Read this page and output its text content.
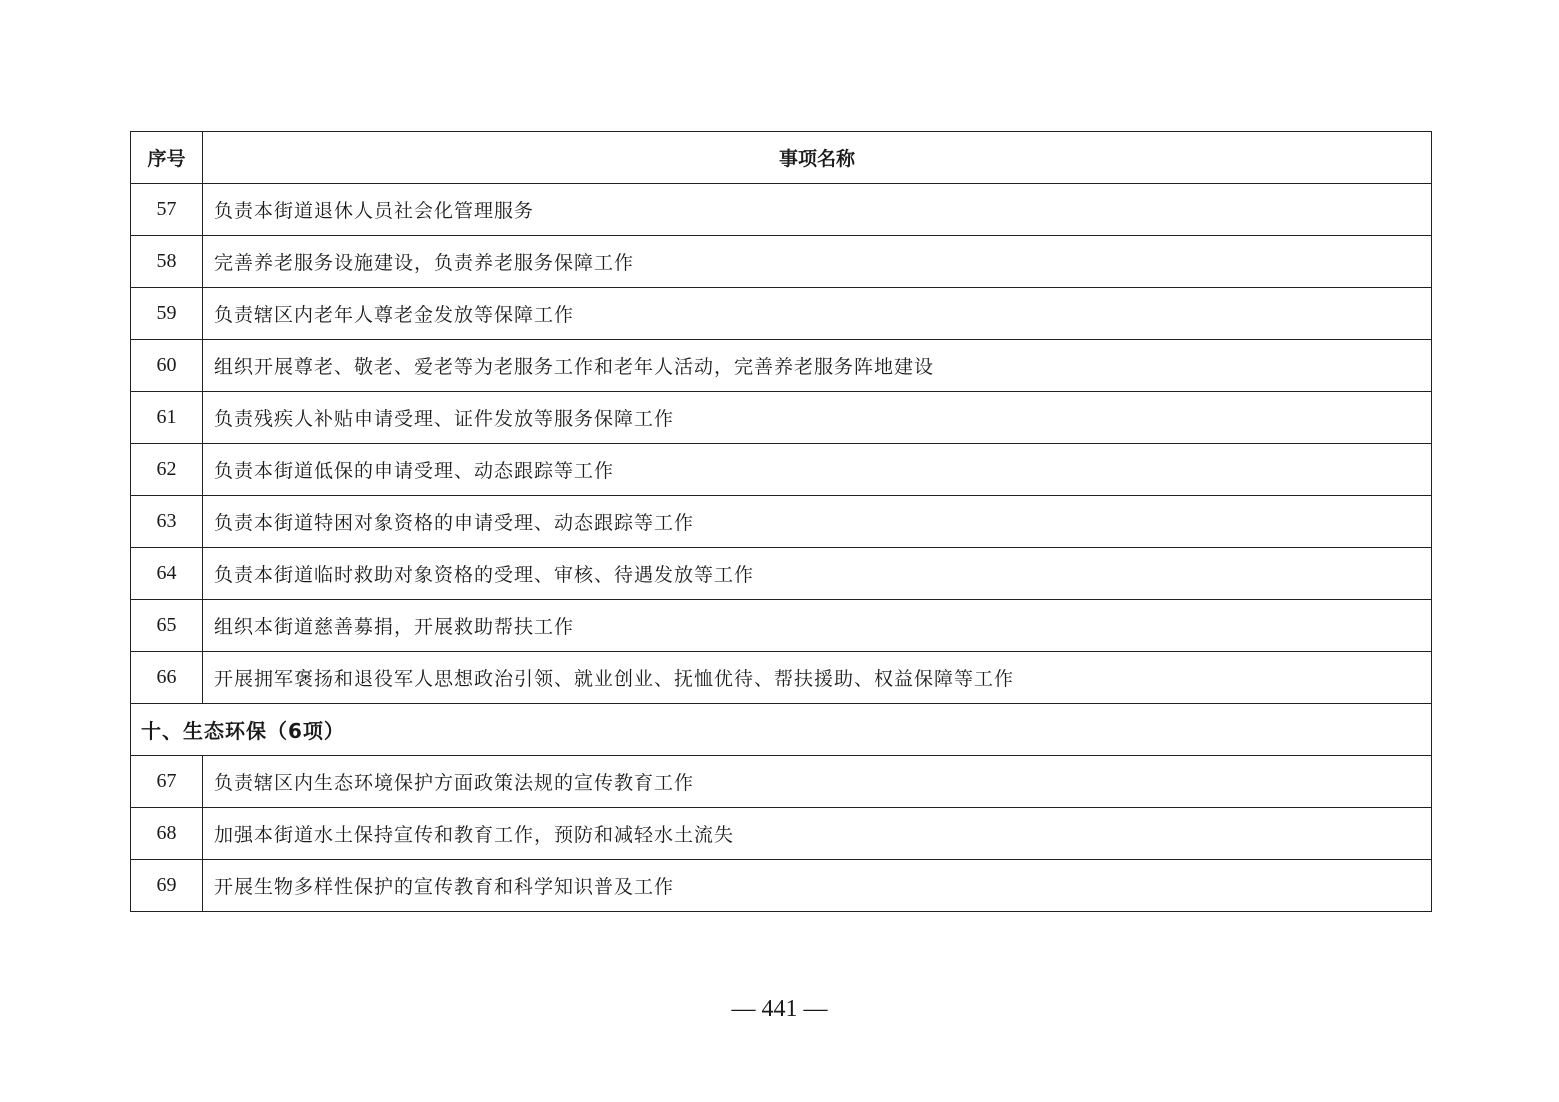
序号	事项名称
57	负责本街道退休人员社会化管理服务
58	完善养老服务设施建设，负责养老服务保障工作
59	负责辖区内老年人尊老金发放等保障工作
60	组织开展尊老、敬老、爱老等为老服务工作和老年人活动，完善养老服务阵地建设
61	负责残疾人补贴申请受理、证件发放等服务保障工作
62	负责本街道低保的申请受理、动态跟踪等工作
63	负责本街道特困对象资格的申请受理、动态跟踪等工作
64	负责本街道临时救助对象资格的受理、审核、待遇发放等工作
65	组织本街道慈善募捐，开展救助帮扶工作
66	开展拥军褒扬和退役军人思想政治引领、就业创业、抚恤优待、帮扶援助、权益保障等工作
十、生态环保（6项）	
67	负责辖区内生态环境保护方面政策法规的宣传教育工作
68	加强本街道水土保持宣传和教育工作，预防和减轻水土流失
69	开展生物多样性保护的宣传教育和科学知识普及工作
— 441 —
